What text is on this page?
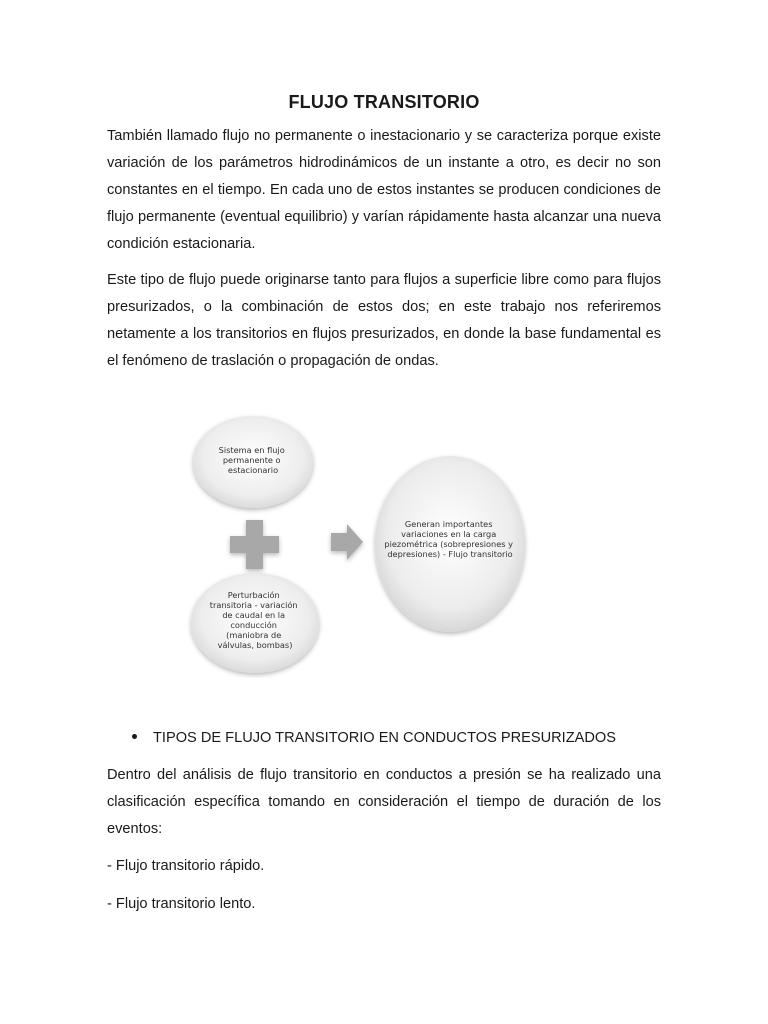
FLUJO TRANSITORIO

También llamado flujo no permanente o inestacionario y se caracteriza porque existe variación de los parámetros hidrodinámicos de un instante a otro, es decir no son constantes en el tiempo. En cada uno de estos instantes se producen condiciones de flujo permanente (eventual equilibrio) y varían rápidamente hasta alcanzar una nueva condición estacionaria.

Este tipo de flujo puede originarse tanto para flujos a superficie libre como para flujos presurizados, o la combinación de estos dos; en este trabajo nos referiremos netamente a los transitorios en flujos presurizados, en donde la base fundamental es el fenómeno de traslación o propagación de ondas.

TIPOS DE FLUJO TRANSITORIO EN CONDUCTOS PRESURIZADOS

Dentro del análisis de flujo transitorio en conductos a presión se ha realizado una clasificación específica tomando en consideración el tiempo de duración de los eventos:

- Flujo transitorio rápido.
- Flujo transitorio lento.
Sistema en flujo permanente o estacionario
Perturbación transitoria - variación de caudal en la conducción (maniobra de válvulas, bombas)
Generan importantes variaciones en la carga piezométrica (sobrepresiones y depresiones) - Flujo transitorio
